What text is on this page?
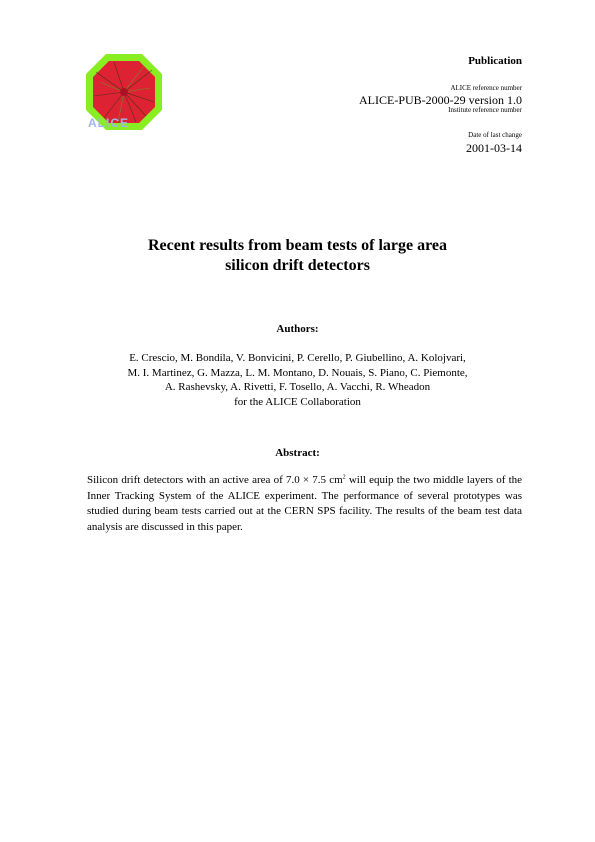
ALICE
Publication
ALICE reference number
ALICE-PUB-2000-29 version 1.0
Institute reference number
Date of last change
2001-03-14
Recent results from beam tests of large area
silicon drift detectors
Authors:
E. Crescio, M. Bondila, V. Bonvicini, P. Cerello, P. Giubellino, A. Kolojvari,
M. I. Martinez, G. Mazza, L. M. Montano, D. Nouais, S. Piano, C. Piemonte,
A. Rashevsky, A. Rivetti, F. Tosello, A. Vacchi, R. Wheadon
for the ALICE Collaboration
Abstract:
Silicon drift detectors with an active area of 7.0 × 7.5 $cm^2$ will equip the two middle layers of the Inner Tracking System of the ALICE experiment. The performance of several prototypes was studied during beam tests carried out at the CERN SPS facility. The results of the beam test data analysis are discussed in this paper.
